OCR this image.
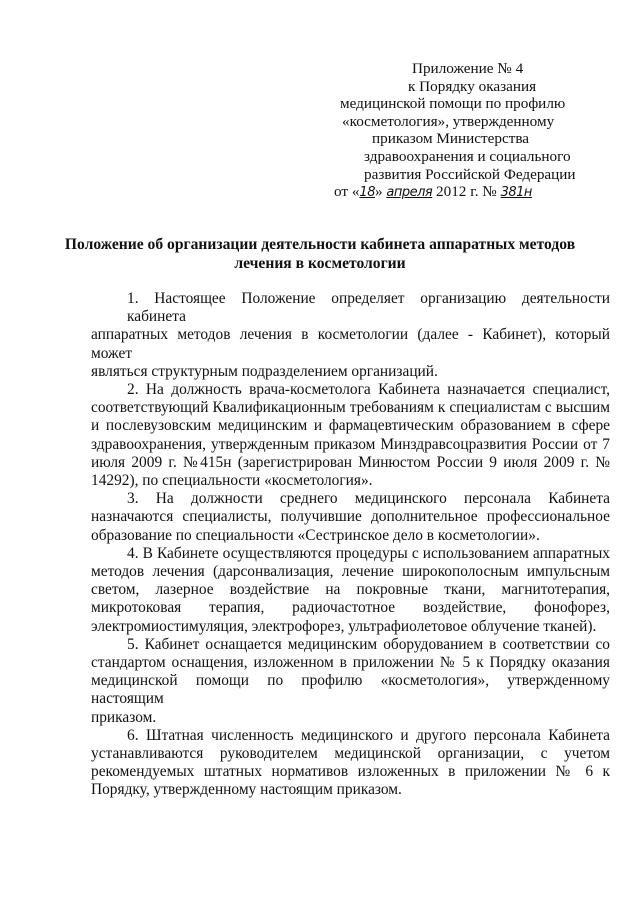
Приложение № 4
к Порядку оказания
медицинской помощи по профилю
«косметология», утвержденному
приказом Министерства
здравоохранения и социального
развития Российской Федерации
от «18» апреля 2012 г. № 381н
Положение об организации деятельности кабинета аппаратных методов
лечения в косметологии
1. Настоящее Положение определяет организацию деятельности кабинета
аппаратных методов лечения в косметологии (далее - Кабинет), который может
являться структурным подразделением организаций.
2. На должность врача-косметолога Кабинета назначается специалист,
соответствующий Квалификационным требованиям к специалистам с высшим
и послевузовским медицинским и фармацевтическим образованием в сфере
здравоохранения, утвержденным приказом Минздравсоцразвития России от 7
июля 2009 г. №415н (зарегистрирован Минюстом России 9 июля 2009 г. №
14292), по специальности «косметология».
3. На должности среднего медицинского персонала Кабинета
назначаются специалисты, получившие дополнительное профессиональное
образование по специальности «Сестринское дело в косметологии».
4. В Кабинете осуществляются процедуры с использованием аппаратных
методов лечения (дарсонвализация, лечение широкополосным импульсным
светом, лазерное воздействие на покровные ткани, магнитотерапия,
микротоковая терапия, радиочастотное воздействие, фонофорез,
электромиостимуляция, электрофорез, ультрафиолетовое облучение тканей).
5. Кабинет оснащается медицинским оборудованием в соответствии со
стандартом оснащения, изложенном в приложении № 5 к Порядку оказания
медицинской помощи по профилю «косметология», утвержденному настоящим
приказом.
6. Штатная численность медицинского и другого персонала Кабинета
устанавливаются руководителем медицинской организации, с учетом
рекомендуемых штатных нормативов изложенных в приложении № 6 к
Порядку, утвержденному настоящим приказом.
